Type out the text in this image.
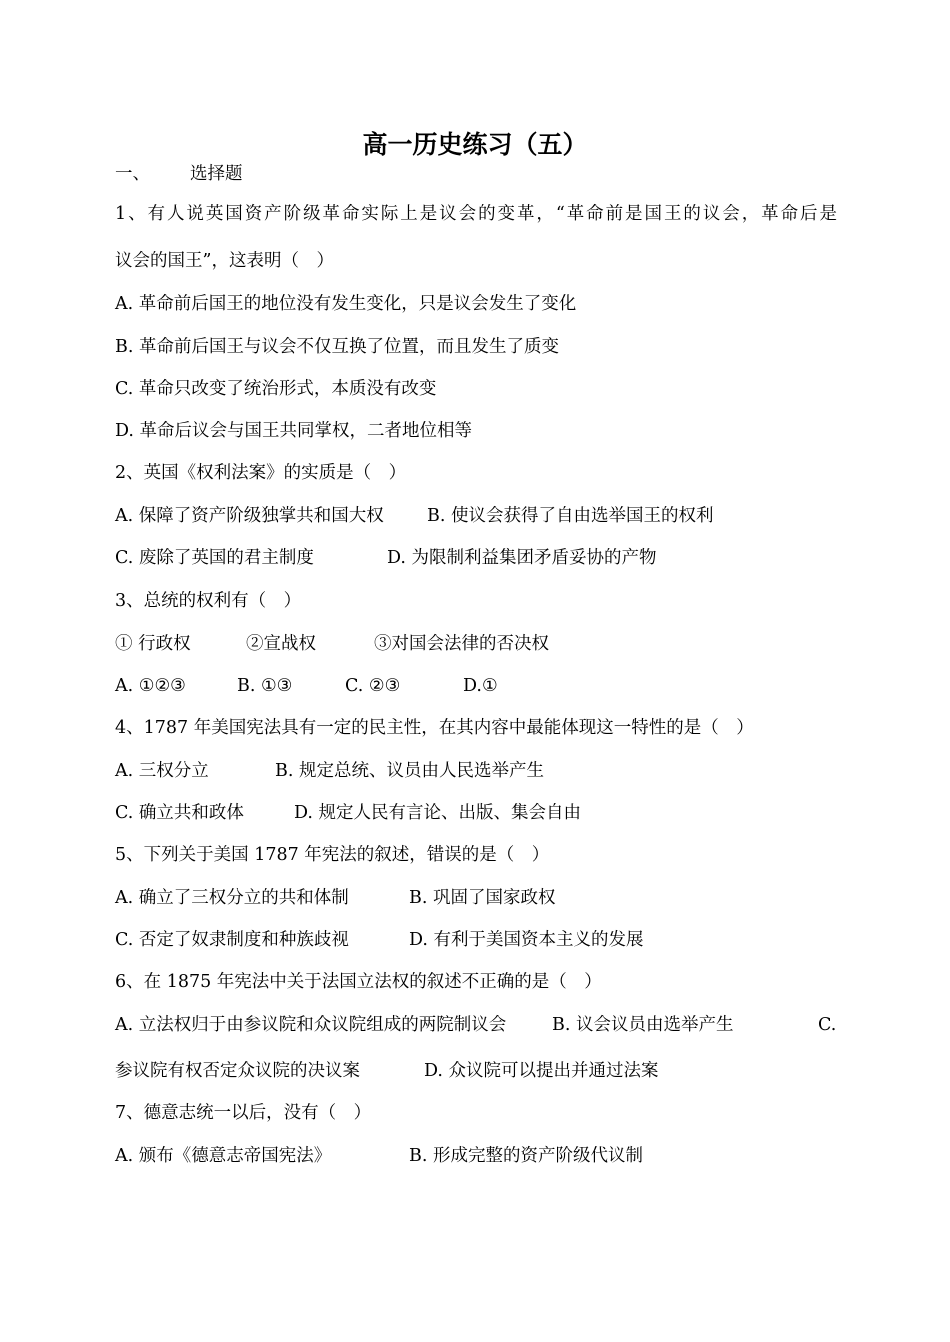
高一历史练习（五）
一、 选择题
1、有人说英国资产阶级革命实际上是议会的变革，“革命前是国王的议会，革命后是
议会的国王”，这表明（　）
A. 革命前后国王的地位没有发生变化，只是议会发生了变化
B. 革命前后国王与议会不仅互换了位置，而且发生了质变
C. 革命只改变了统治形式，本质没有改变
D. 革命后议会与国王共同掌权，二者地位相等
2、英国《权利法案》的实质是（　）
A. 保障了资产阶级独掌共和国大权 B. 使议会获得了自由选举国王的权利
C. 废除了英国的君主制度	D. 为限制利益集团矛盾妥协的产物
3、总统的权利有（　）
① 行政权	②宣战权	③对国会法律的否决权
A. ①②③	B. ①③	C. ②③	D.①
4、1787 年美国宪法具有一定的民主性，在其内容中最能体现这一特性的是（　）
A. 三权分立	B. 规定总统、议员由人民选举产生
C. 确立共和政体	D. 规定人民有言论、出版、集会自由
5、下列关于美国 1787 年宪法的叙述，错误的是（　）
A. 确立了三权分立的共和体制	B. 巩固了国家政权
C. 否定了奴隶制度和种族歧视	D. 有利于美国资本主义的发展
6、在 1875 年宪法中关于法国立法权的叙述不正确的是（　）
A. 立法权归于由参议院和众议院组成的两院制议会	B. 议会议员由选举产生	C.
参议院有权否定众议院的决议案	D. 众议院可以提出并通过法案
7、德意志统一以后，没有（　）
A. 颁布《德意志帝国宪法》	B. 形成完整的资产阶级代议制
